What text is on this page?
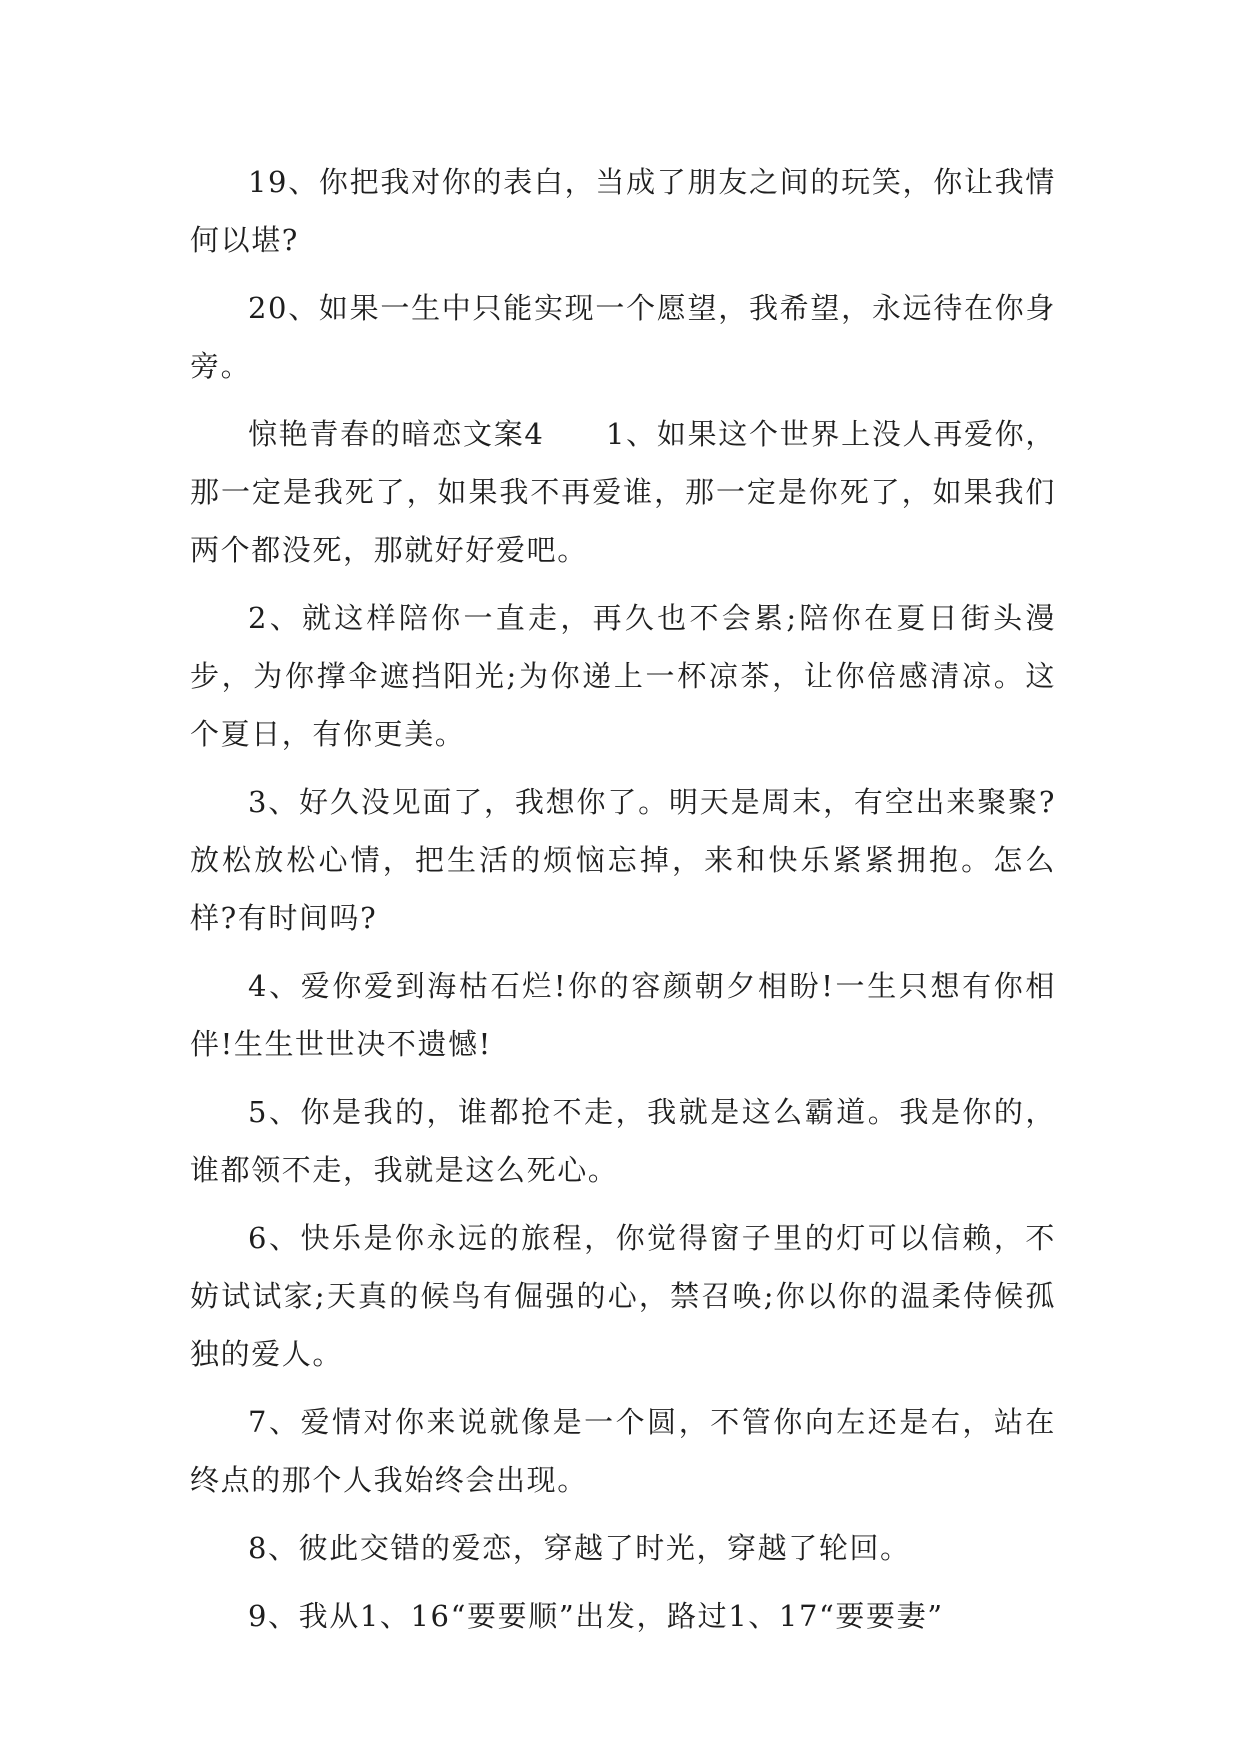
19、你把我对你的表白，当成了朋友之间的玩笑，你让我情何以堪?

20、如果一生中只能实现一个愿望，我希望，永远待在你身旁。

惊艳青春的暗恋文案4　　1、如果这个世界上没人再爱你，那一定是我死了，如果我不再爱谁，那一定是你死了，如果我们两个都没死，那就好好爱吧。

2、就这样陪你一直走，再久也不会累;陪你在夏日街头漫步，为你撑伞遮挡阳光;为你递上一杯凉茶，让你倍感清凉。这个夏日，有你更美。

3、好久没见面了，我想你了。明天是周末，有空出来聚聚?放松放松心情，把生活的烦恼忘掉，来和快乐紧紧拥抱。怎么样?有时间吗?

4、爱你爱到海枯石烂!你的容颜朝夕相盼!一生只想有你相伴!生生世世决不遗憾!

5、你是我的，谁都抢不走，我就是这么霸道。我是你的，谁都领不走，我就是这么死心。

6、快乐是你永远的旅程，你觉得窗子里的灯可以信赖，不妨试试家;天真的候鸟有倔强的心，禁召唤;你以你的温柔侍候孤独的爱人。

7、爱情对你来说就像是一个圆，不管你向左还是右，站在终点的那个人我始终会出现。

8、彼此交错的爱恋，穿越了时光，穿越了轮回。

9、我从1、16“要要顺”出发，路过1、17“要要妻”
